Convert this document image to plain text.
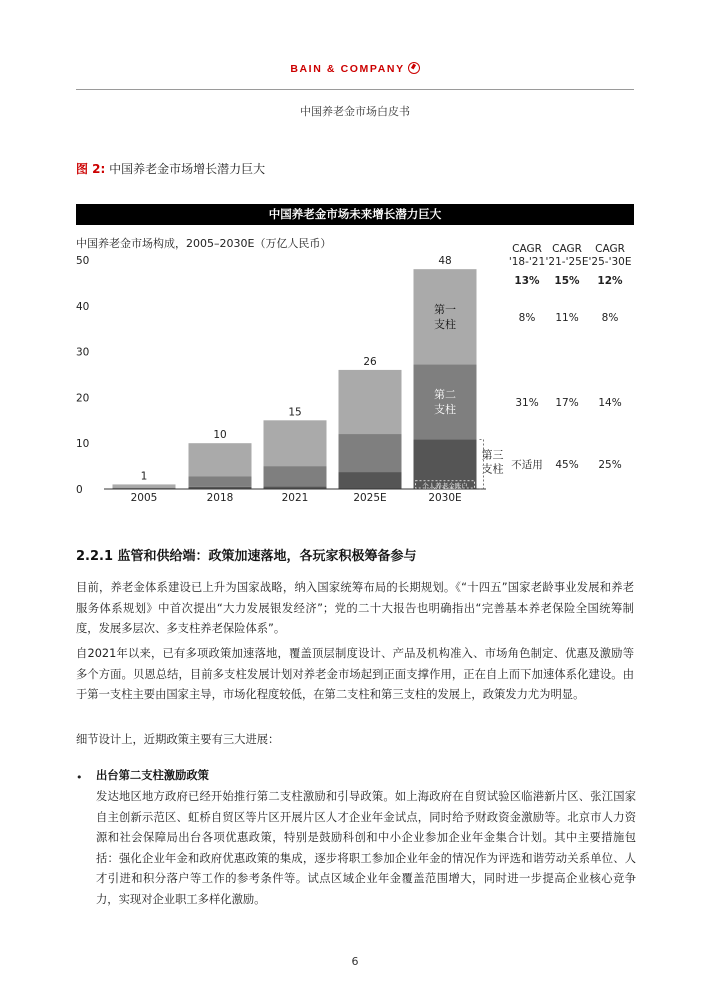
BAIN & COMPANY
中国养老金市场白皮书
图 2: 中国养老金市场增长潜力巨大
中国养老金市场未来增长潜力巨大
中国养老金市场构成，2005–2030E（万亿人民币）
0
10
20
30
40
50
1
2005
10
2018
15
2021
26
2025E
48
2030E
第一
支柱
第二
支柱
个人养老金账户
第三
支柱
CAGR
'18-'21
CAGR
'21-'25E
CAGR
'25-'30E
13% 15% 12%
8% 11% 8%
31% 17% 14%
不适用 45% 25%
2.2.1 监管和供给端：政策加速落地，各玩家积极筹备参与
目前，养老金体系建设已上升为国家战略，纳入国家统筹布局的长期规划。《“十四五”国家老龄事业发展和养老服务体系规划》中首次提出“大力发展银发经济”；党的二十大报告也明确指出“完善基本养老保险全国统筹制度，发展多层次、多支柱养老保险体系”。
自2021年以来，已有多项政策加速落地，覆盖顶层制度设计、产品及机构准入、市场角色制定、优惠及激励等多个方面。贝恩总结，目前多支柱发展计划对养老金市场起到正面支撑作用，正在自上而下加速体系化建设。由于第一支柱主要由国家主导，市场化程度较低，在第二支柱和第三支柱的发展上，政策发力尤为明显。
细节设计上，近期政策主要有三大进展：
• 出台第二支柱激励政策
发达地区地方政府已经开始推行第二支柱激励和引导政策。如上海政府在自贸试验区临港新片区、张江国家自主创新示范区、虹桥自贸区等片区开展片区人才企业年金试点，同时给予财政资金激励等。北京市人力资源和社会保障局出台各项优惠政策，特别是鼓励科创和中小企业参加企业年金集合计划。其中主要措施包括：强化企业年金和政府优惠政策的集成，逐步将职工参加企业年金的情况作为评选和谐劳动关系单位、人才引进和积分落户等工作的参考条件等。试点区域企业年金覆盖范围增大，同时进一步提高企业核心竞争力，实现对企业职工多样化激励。
6
